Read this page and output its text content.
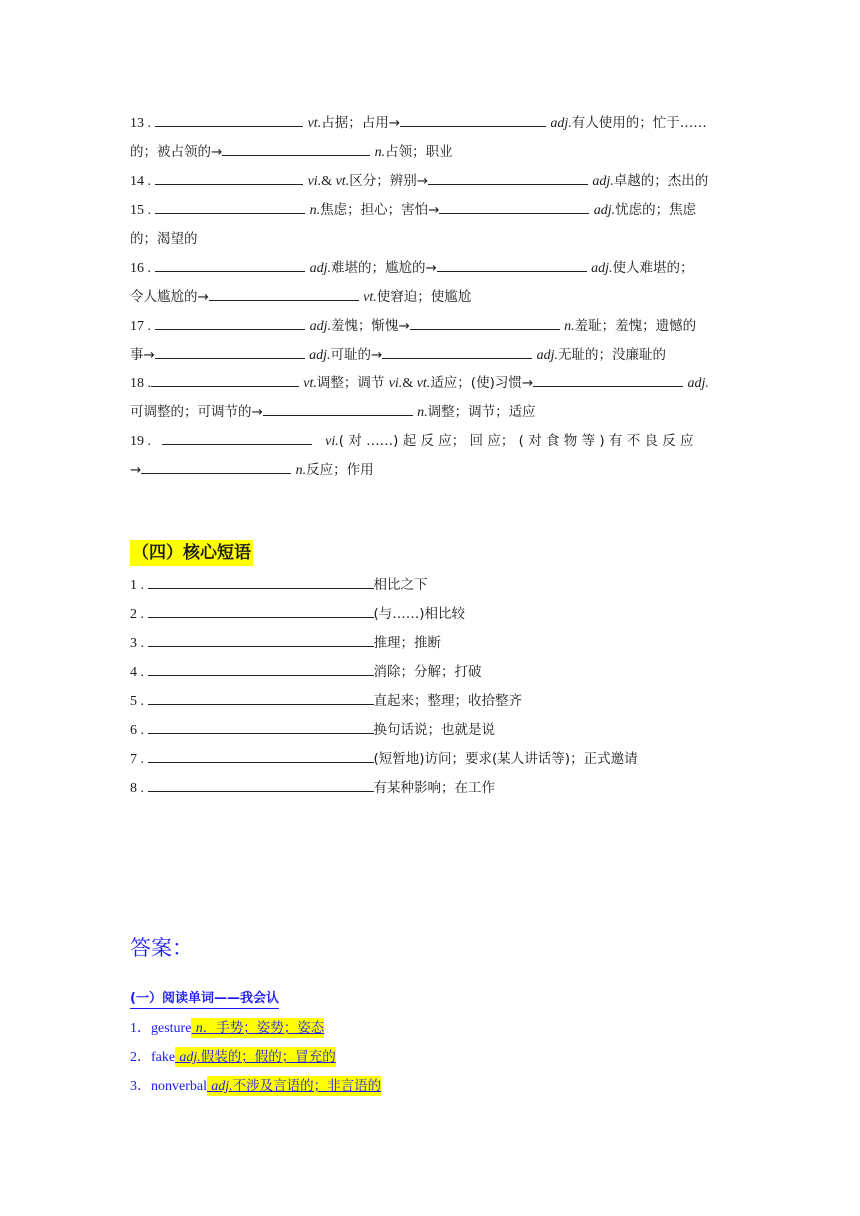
13 .	vt.占据；占用→	adj.有人使用的；忙于……
的；被占领的→	n.占领；职业
14 .	vi.& vt.区分；辨别→	adj.卓越的；杰出的
15 .	n.焦虑；担心；害怕→	adj.忧虑的；焦虑
的；渴望的
16 .	adj.难堪的；尴尬的→	adj.使人难堪的；
令人尴尬的→	vt.使窘迫；使尴尬
17 .	adj.羞愧；惭愧→	n.羞耻；羞愧；遗憾的
事→	adj.可耻的→	adj.无耻的；没廉耻的
18 .	vt.调整；调节 vi.& vt.适应；(使)习惯→	adj.
可调整的；可调节的→	n.调整；调节；适应
19 .	vi.( 对 ……) 起 反 应； 回 应； ( 对 食 物 等 ) 有 不 良 反 应
→	n.反应；作用
（四）核心短语
1 .	相比之下
2 .	(与……)相比较
3 .	推理；推断
4 .	消除；分解；打破
5 .	直起来；整理；收拾整齐
6 .	换句话说；也就是说
7 .	(短暂地)访问；要求(某人讲话等)；正式邀请
8 .	有某种影响；在工作
答案：
(一）阅读单词——我会认
1．gesture n．手势；姿势；姿态
2．fake adj.假装的；假的；冒充的
3．nonverbal adj.不涉及言语的；非言语的
